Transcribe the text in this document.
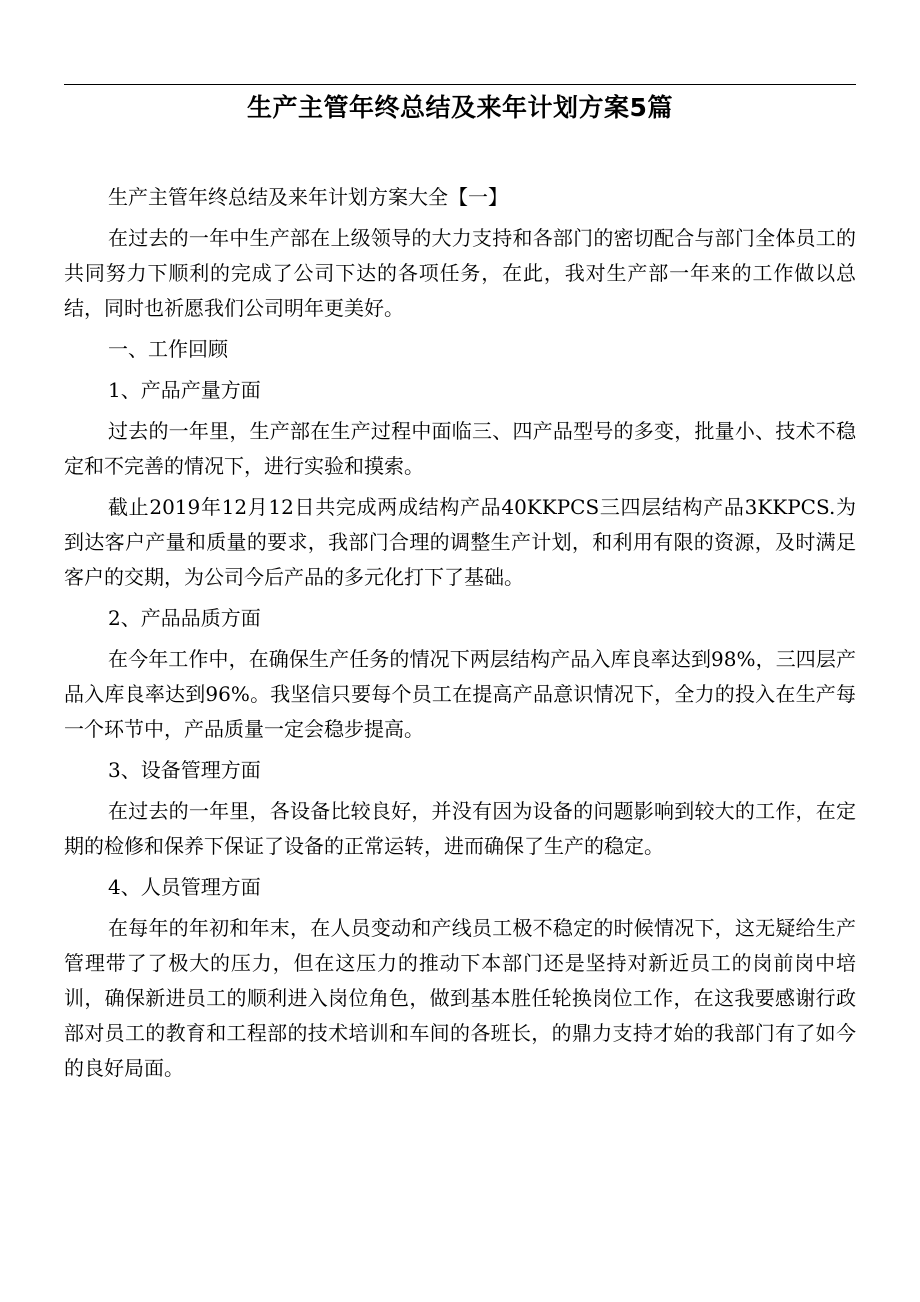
生产主管年终总结及来年计划方案5篇

生产主管年终总结及来年计划方案大全【一】

在过去的一年中生产部在上级领导的大力支持和各部门的密切配合与部门全体员工的共同努力下顺利的完成了公司下达的各项任务，在此，我对生产部一年来的工作做以总结，同时也祈愿我们公司明年更美好。

一、工作回顾

1、产品产量方面

过去的一年里，生产部在生产过程中面临三、四产品型号的多变，批量小、技术不稳定和不完善的情况下，进行实验和摸索。

截止2019年12月12日共完成两成结构产品40KKPCS三四层结构产品3KKPCS.为到达客户产量和质量的要求，我部门合理的调整生产计划，和利用有限的资源，及时满足客户的交期，为公司今后产品的多元化打下了基础。

2、产品品质方面

在今年工作中，在确保生产任务的情况下两层结构产品入库良率达到98%，三四层产品入库良率达到96%。我坚信只要每个员工在提高产品意识情况下，全力的投入在生产每一个环节中，产品质量一定会稳步提高。

3、设备管理方面

在过去的一年里，各设备比较良好，并没有因为设备的问题影响到较大的工作，在定期的检修和保养下保证了设备的正常运转，进而确保了生产的稳定。

4、人员管理方面

在每年的年初和年末，在人员变动和产线员工极不稳定的时候情况下，这无疑给生产管理带了了极大的压力，但在这压力的推动下本部门还是坚持对新近员工的岗前岗中培训，确保新进员工的顺利进入岗位角色，做到基本胜任轮换岗位工作，在这我要感谢行政部对员工的教育和工程部的技术培训和车间的各班长，的鼎力支持才始的我部门有了如今的良好局面。
